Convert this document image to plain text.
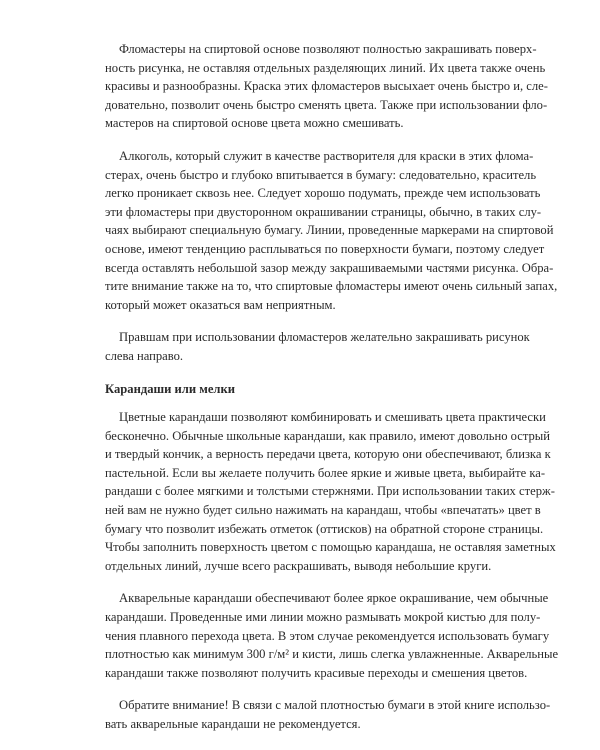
Фломастеры на спиртовой основе позволяют полностью закрашивать поверх-
ность рисунка, не оставляя отдельных разделяющих линий. Их цвета также очень
красивы и разнообразны. Краска этих фломастеров высыхает очень быстро и, сле-
довательно, позволит очень быстро сменять цвета. Также при использовании фло-
мастеров на спиртовой основе цвета можно смешивать.

Алкоголь, который служит в качестве растворителя для краски в этих флома-
стерах, очень быстро и глубоко впитывается в бумагу: следовательно, краситель
легко проникает сквозь нее. Следует хорошо подумать, прежде чем использовать
эти фломастеры при двусторонном окрашивании страницы, обычно, в таких слу-
чаях выбирают специальную бумагу. Линии, проведенные маркерами на спиртовой
основе, имеют тенденцию расплываться по поверхности бумаги, поэтому следует
всегда оставлять небольшой зазор между закрашиваемыми частями рисунка. Обра-
тите внимание также на то, что спиртовые фломастеры имеют очень сильный запах,
который может оказаться вам неприятным.

Правшам при использовании фломастеров желательно закрашивать рисунок
слева направо.

Карандаши или мелки

Цветные карандаши позволяют комбинировать и смешивать цвета практически
бесконечно. Обычные школьные карандаши, как правило, имеют довольно острый
и твердый кончик, а верность передачи цвета, которую они обеспечивают, близка к
пастельной. Если вы желаете получить более яркие и живые цвета, выбирайте ка-
рандаши с более мягкими и толстыми стержнями. При использовании таких стерж-
ней вам не нужно будет сильно нажимать на карандаш, чтобы «впечатать» цвет в
бумагу что позволит избежать отметок (оттисков) на обратной стороне страницы.
Чтобы заполнить поверхность цветом с помощью карандаша, не оставляя заметных
отдельных линий, лучше всего раскрашивать, выводя небольшие круги.

Акварельные карандаши обеспечивают более яркое окрашивание, чем обычные
карандаши. Проведенные ими линии можно размывать мокрой кистью для полу-
чения плавного перехода цвета. В этом случае рекомендуется использовать бумагу
плотностью как минимум 300 г/м² и кисти, лишь слегка увлажненные. Акварельные
карандаши также позволяют получить красивые переходы и смешения цветов.

Обратите внимание! В связи с малой плотностью бумаги в этой книге использо-
вать акварельные карандаши не рекомендуется.
